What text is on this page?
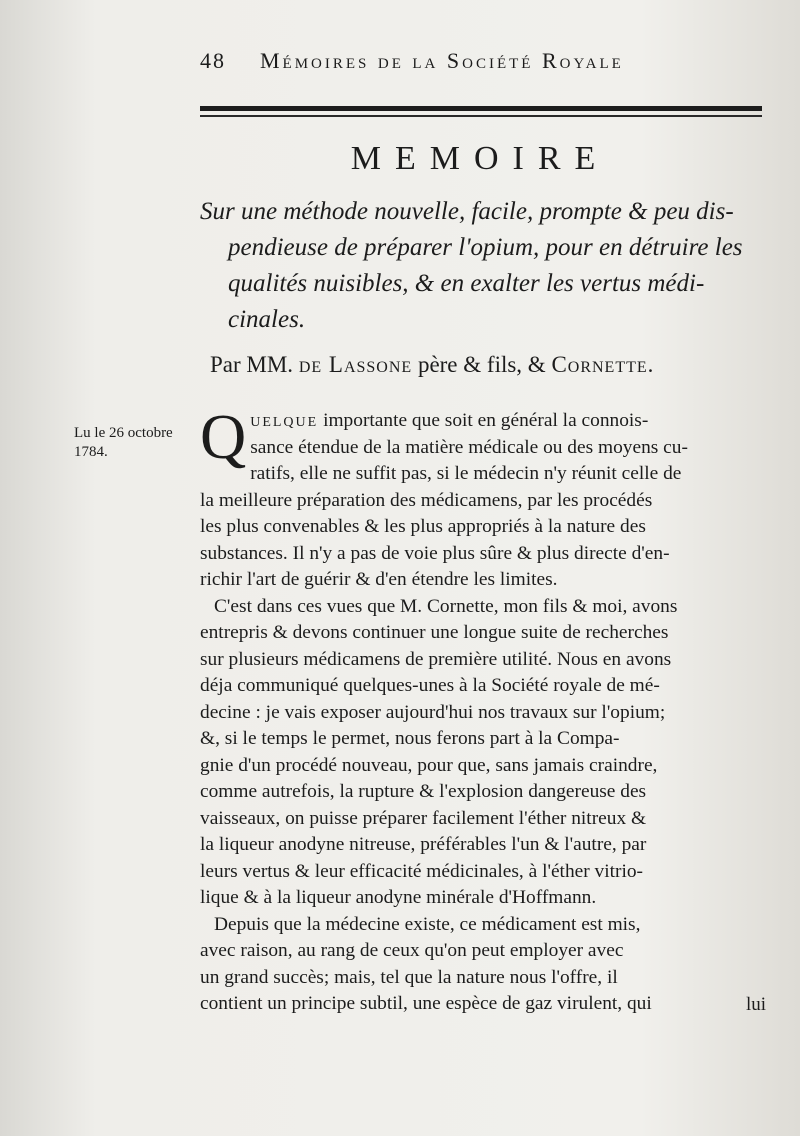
48	Mémoires de la Société Royale
MEMOIRE
Sur une méthode nouvelle, facile, prompte & peu dis-
pendieuse de préparer l'opium, pour en détruire les
qualités nuisibles, & en exalter les vertus médi-
cinales.
Par MM. de Lassone père & fils, & Cornette.
Lu le 26 octobre
1784.	Q uelque importante que soit en général la connois-
sance étendue de la matière médicale ou des moyens cu-
ratifs, elle ne suffit pas, si le médecin n'y réunit celle de
la meilleure préparation des médicamens, par les procédés
les plus convenables & les plus appropriés à la nature des
substances. Il n'y a pas de voie plus sûre & plus directe d'en-
richir l'art de guérir & d'en étendre les limites.
C'est dans ces vues que M. Cornette, mon fils & moi, avons
entrepris & devons continuer une longue suite de recherches
sur plusieurs médicamens de première utilité. Nous en avons
déja communiqué quelques-unes à la Société royale de mé-
decine : je vais exposer aujourd'hui nos travaux sur l'opium;
&, si le temps le permet, nous ferons part à la Compa-
gnie d'un procédé nouveau, pour que, sans jamais craindre,
comme autrefois, la rupture & l'explosion dangereuse des
vaisseaux, on puisse préparer facilement l'éther nitreux &
la liqueur anodyne nitreuse, préférables l'un & l'autre, par
leurs vertus & leur efficacité médicinales, à l'éther vitrio-
lique & à la liqueur anodyne minérale d'Hoffmann.
Depuis que la médecine existe, ce médicament est mis,
avec raison, au rang de ceux qu'on peut employer avec
un grand succès; mais, tel que la nature nous l'offre, il
contient un principe subtil, une espèce de gaz virulent, qui	lui
